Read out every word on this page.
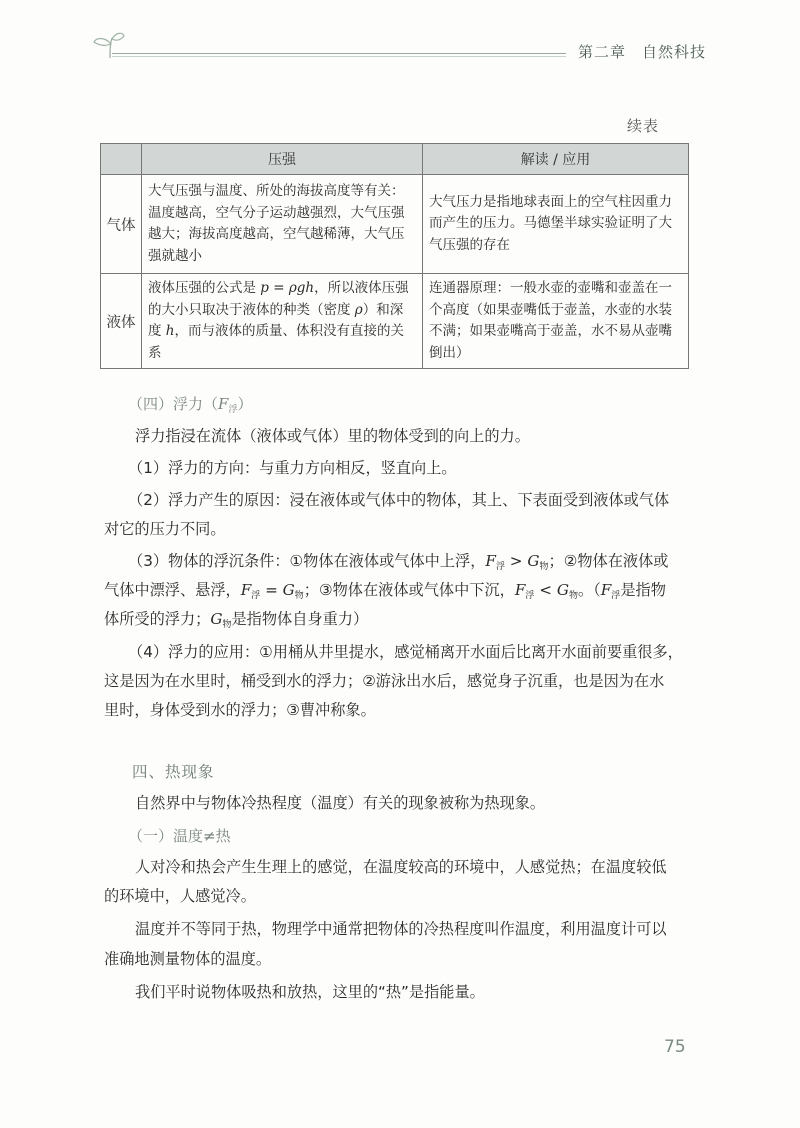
第二章　自然科技
续表
	压强	解读 / 应用
气体	大气压强与温度、所处的海拔高度等有关：温度越高，空气分子运动越强烈，大气压强越大；海拔高度越高，空气越稀薄，大气压强就越小	大气压力是指地球表面上的空气柱因重力而产生的压力。马德堡半球实验证明了大气压强的存在

液体	液体压强的公式是 p = ρgh，所以液体压强的大小只取决于液体的种类（密度 ρ）和深度 h，而与液体的质量、体积没有直接的关系	连通器原理：一般水壶的壶嘴和壶盖在一个高度（如果壶嘴低于壶盖，水壶的水装不满；如果壶嘴高于壶盖，水不易从壶嘴倒出）
（四）浮力$(F_浮)$
浮力指浸在流体（液体或气体）里的物体受到的向上的力。
（1）浮力的方向：与重力方向相反，竖直向上。
（2）浮力产生的原因：浸在液体或气体中的物体，其上、下表面受到液体或气体
对它的压力不同。
（3）物体的浮沉条件：①物体在液体或气体中上浮，$F_浮 > G_物$；②物体在液体或
气体中漂浮、悬浮，$F_浮 = G_物$；③物体在液体或气体中下沉，$F_浮 < G_物$。（$F_浮$是指物
体所受的浮力；$G_物$是指物体自身重力）
（4）浮力的应用：①用桶从井里提水，感觉桶离开水面后比离开水面前要重很多，
这是因为在水里时，桶受到水的浮力；②游泳出水后，感觉身子沉重，也是因为在水
里时，身体受到水的浮力；③曹冲称象。
四、热现象
自然界中与物体冷热程度（温度）有关的现象被称为热现象。
（一）温度≠热
人对冷和热会产生生理上的感觉，在温度较高的环境中，人感觉热；在温度较低
的环境中，人感觉冷。
温度并不等同于热，物理学中通常把物体的冷热程度叫作温度，利用温度计可以
准确地测量物体的温度。
我们平时说物体吸热和放热，这里的“热”是指能量。
75
